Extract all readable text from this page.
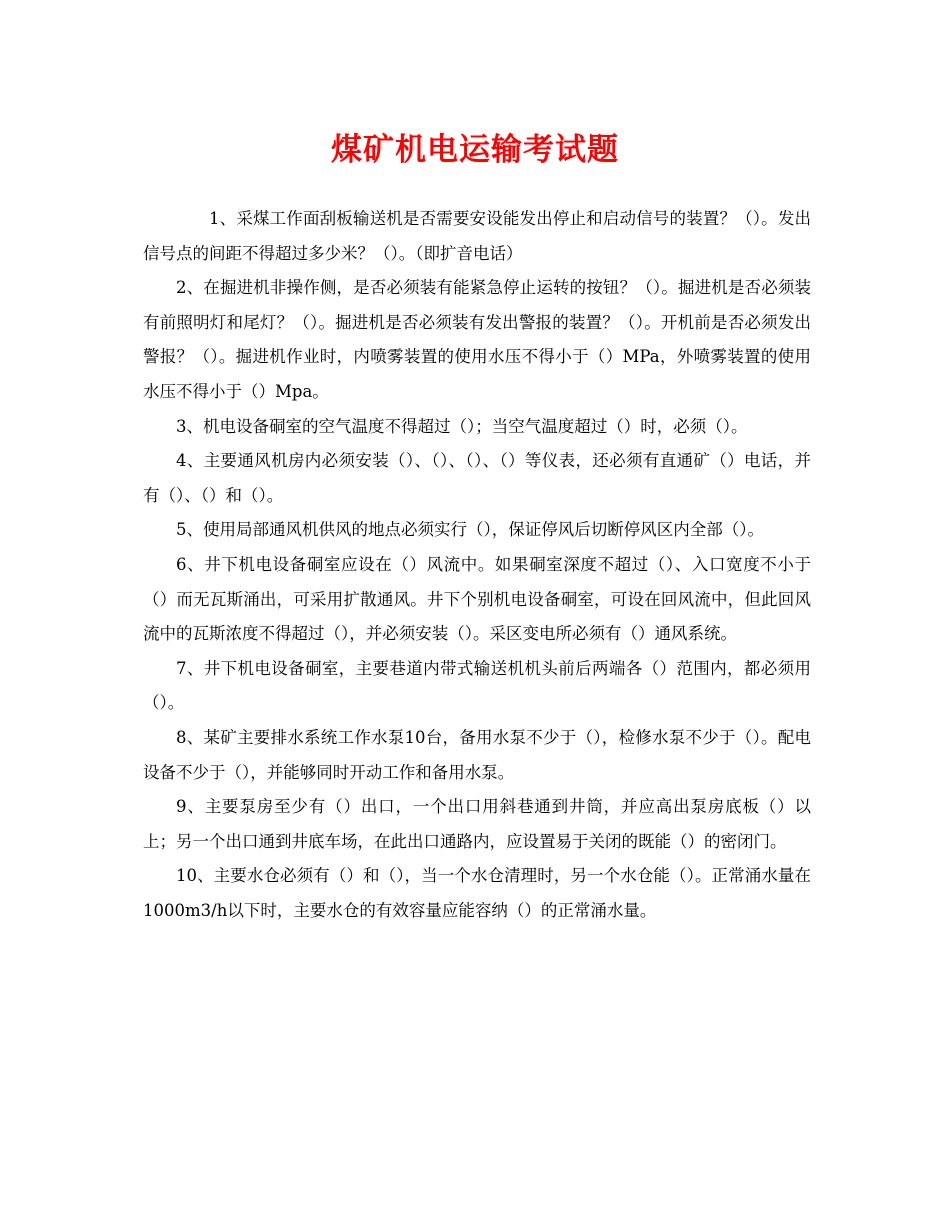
煤矿机电运输考试题

1、采煤工作面刮板输送机是否需要安设能发出停止和启动信号的装置？（）。发出信号点的间距不得超过多少米？（）。（即扩音电话）

2、在掘进机非操作侧，是否必须装有能紧急停止运转的按钮？（）。掘进机是否必须装有前照明灯和尾灯？（）。掘进机是否必须装有发出警报的装置？（）。开机前是否必须发出警报？（）。掘进机作业时，内喷雾装置的使用水压不得小于（）MPa，外喷雾装置的使用水压不得小于（）Mpa。

3、机电设备硐室的空气温度不得超过（）；当空气温度超过（）时，必须（）。

4、主要通风机房内必须安装（）、（）、（）、（）等仪表，还必须有直通矿（）电话，并有（）、（）和（）。

5、使用局部通风机供风的地点必须实行（），保证停风后切断停风区内全部（）。

6、井下机电设备硐室应设在（）风流中。如果硐室深度不超过（）、入口宽度不小于（）而无瓦斯涌出，可采用扩散通风。井下个别机电设备硐室，可设在回风流中，但此回风流中的瓦斯浓度不得超过（），并必须安装（）。采区变电所必须有（）通风系统。

7、井下机电设备硐室，主要巷道内带式输送机机头前后两端各（）范围内，都必须用（）。

8、某矿主要排水系统工作水泵10台，备用水泵不少于（），检修水泵不少于（）。配电设备不少于（），并能够同时开动工作和备用水泵。

9、主要泵房至少有（）出口，一个出口用斜巷通到井筒，并应高出泵房底板（）以上；另一个出口通到井底车场，在此出口通路内，应设置易于关闭的既能（）的密闭门。

10、主要水仓必须有（）和（），当一个水仓清理时，另一个水仓能（）。正常涌水量在1000m3/h以下时，主要水仓的有效容量应能容纳（）的正常涌水量。
